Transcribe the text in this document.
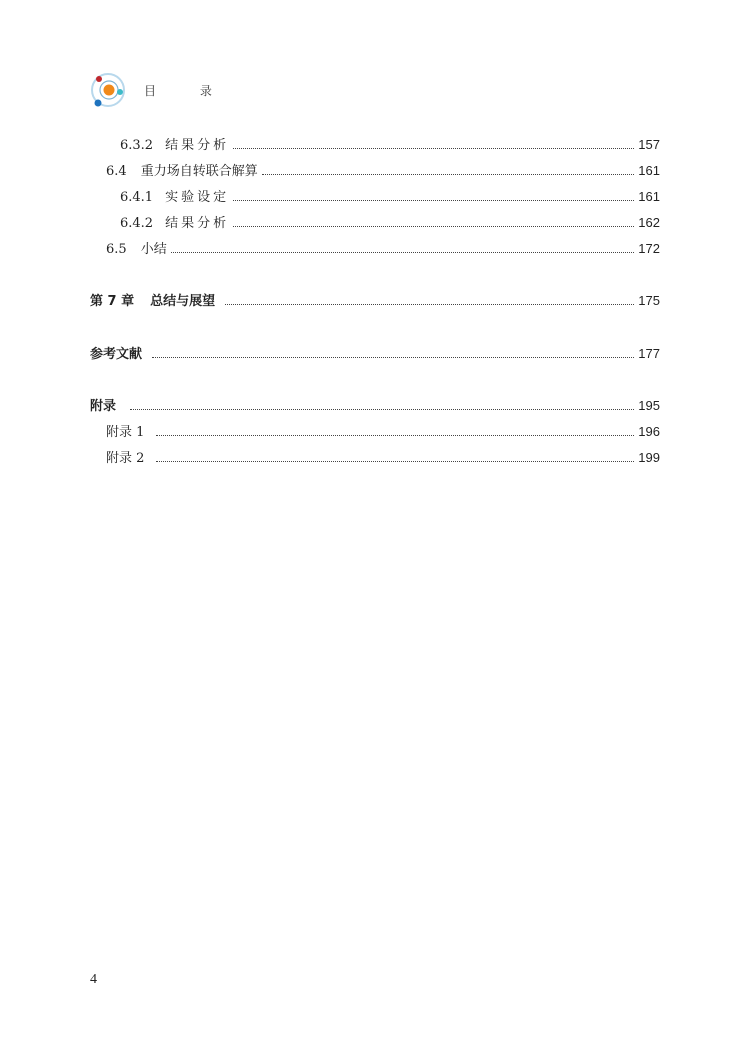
目 录
6.3.2 结果分析	157
6.4 重力场自转联合解算	161
6.4.1 实验设定	161
6.4.2 结果分析	162
6.5 小结	172
第 7 章 总结与展望	175
参考文献	177
附录	195
附录 1	196
附录 2	199
4
